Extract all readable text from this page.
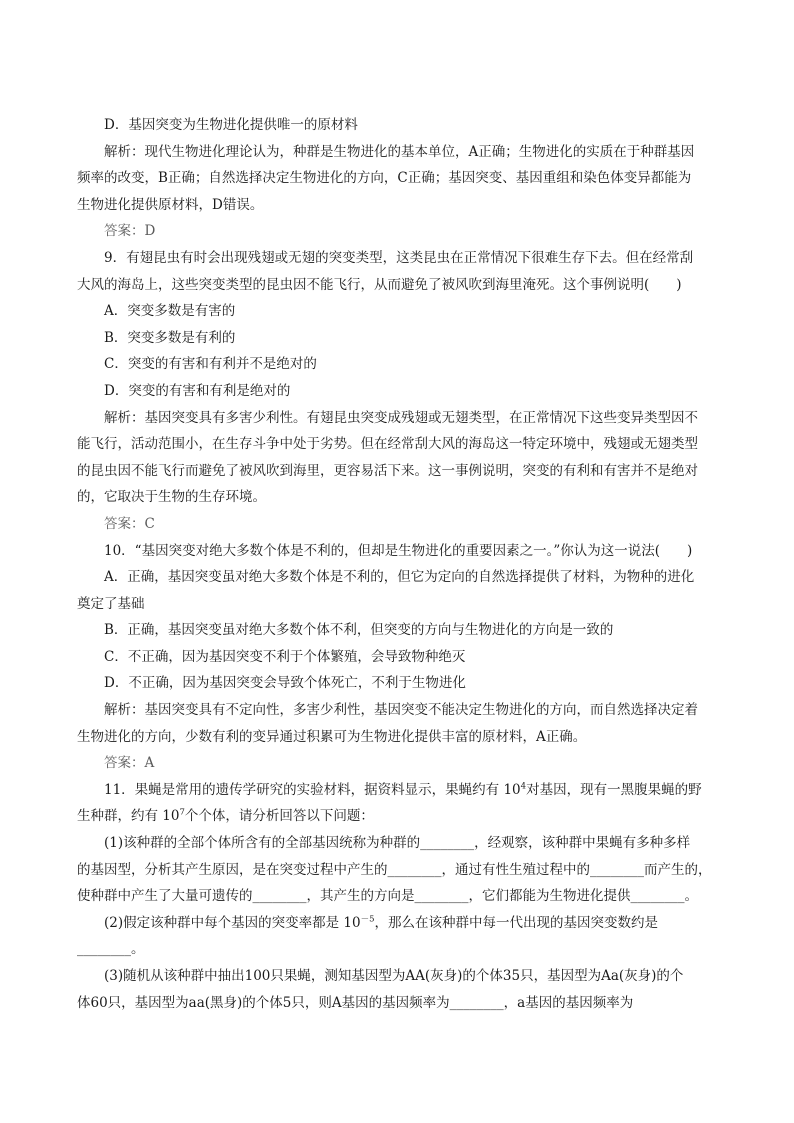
D．基因突变为生物进化提供唯一的原材料
解析：现代生物进化理论认为，种群是生物进化的基本单位，A正确；生物进化的实质在于种群基因
频率的改变，B正确；自然选择决定生物进化的方向，C正确；基因突变、基因重组和染色体变异都能为
生物进化提供原材料，D错误。
答案：D
9．有翅昆虫有时会出现残翅或无翅的突变类型，这类昆虫在正常情况下很难生存下去。但在经常刮
大风的海岛上，这些突变类型的昆虫因不能飞行，从而避免了被风吹到海里淹死。这个事例说明(　　)
A．突变多数是有害的
B．突变多数是有利的
C．突变的有害和有利并不是绝对的
D．突变的有害和有利是绝对的
解析：基因突变具有多害少利性。有翅昆虫突变成残翅或无翅类型，在正常情况下这些变异类型因不
能飞行，活动范围小，在生存斗争中处于劣势。但在经常刮大风的海岛这一特定环境中，残翅或无翅类型
的昆虫因不能飞行而避免了被风吹到海里，更容易活下来。这一事例说明，突变的有利和有害并不是绝对
的，它取决于生物的生存环境。
答案：C
10．“基因突变对绝大多数个体是不利的，但却是生物进化的重要因素之一。”你认为这一说法(　　)
A．正确，基因突变虽对绝大多数个体是不利的，但它为定向的自然选择提供了材料，为物种的进化
奠定了基础
B．正确，基因突变虽对绝大多数个体不利，但突变的方向与生物进化的方向是一致的
C．不正确，因为基因突变不利于个体繁殖，会导致物种绝灭
D．不正确，因为基因突变会导致个体死亡，不利于生物进化
解析：基因突变具有不定向性，多害少利性，基因突变不能决定生物进化的方向，而自然选择决定着
生物进化的方向，少数有利的变异通过积累可为生物进化提供丰富的原材料，A正确。
答案：A
11．果蝇是常用的遗传学研究的实验材料，据资料显示，果蝇约有 $10^4$对基因，现有一黑腹果蝇的野
生种群，约有 $10^7$个个体，请分析回答以下问题：
(1)该种群的全部个体所含有的全部基因统称为种群的________，经观察，该种群中果蝇有多种多样
的基因型，分析其产生原因，是在突变过程中产生的________，通过有性生殖过程中的________而产生的，
使种群中产生了大量可遗传的________，其产生的方向是________，它们都能为生物进化提供________。
(2)假定该种群中每个基因的突变率都是 $10^{-5}$，那么在该种群中每一代出现的基因突变数约是
________。
(3)随机从该种群中抽出100只果蝇，测知基因型为AA(灰身)的个体35只，基因型为Aa(灰身)的个
体60只，基因型为aa(黑身)的个体5只，则A基因的基因频率为________，a基因的基因频率为
